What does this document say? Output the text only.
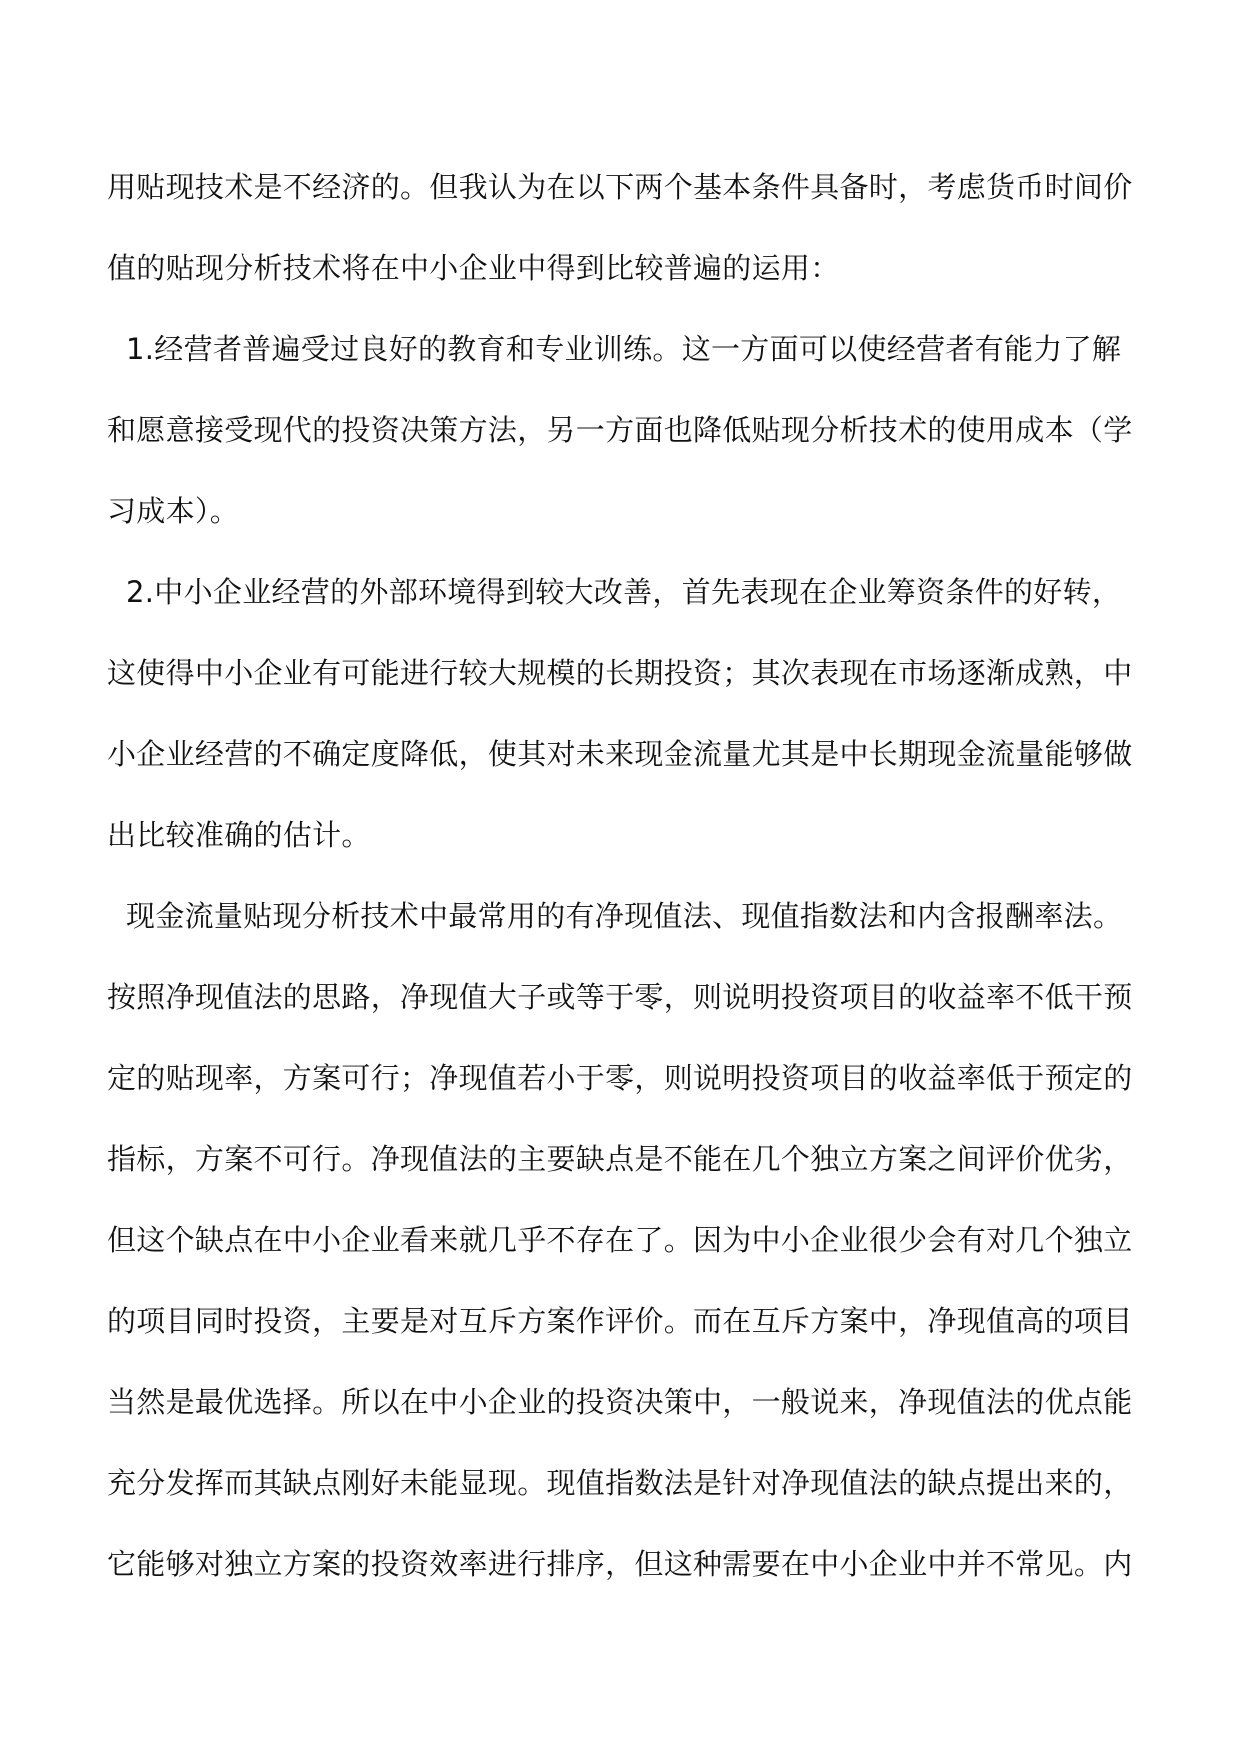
用贴现技术是不经济的。但我认为在以下两个基本条件具备时，考虑货币时间价
值的贴现分析技术将在中小企业中得到比较普遍的运用：
1.经营者普遍受过良好的教育和专业训练。这一方面可以使经营者有能力了解
和愿意接受现代的投资决策方法，另一方面也降低贴现分析技术的使用成本（学
习成本）。
2.中小企业经营的外部环境得到较大改善，首先表现在企业筹资条件的好转，
这使得中小企业有可能进行较大规模的长期投资；其次表现在市场逐渐成熟，中
小企业经营的不确定度降低，使其对未来现金流量尤其是中长期现金流量能够做
出比较准确的估计。
现金流量贴现分析技术中最常用的有净现值法、现值指数法和内含报酬率法。
按照净现值法的思路，净现值大子或等于零，则说明投资项目的收益率不低干预
定的贴现率，方案可行；净现值若小于零，则说明投资项目的收益率低于预定的
指标，方案不可行。净现值法的主要缺点是不能在几个独立方案之间评价优劣，
但这个缺点在中小企业看来就几乎不存在了。因为中小企业很少会有对几个独立
的项目同时投资，主要是对互斥方案作评价。而在互斥方案中，净现值高的项目
当然是最优选择。所以在中小企业的投资决策中，一般说来，净现值法的优点能
充分发挥而其缺点刚好未能显现。现值指数法是针对净现值法的缺点提出来的，
它能够对独立方案的投资效率进行排序，但这种需要在中小企业中并不常见。内
